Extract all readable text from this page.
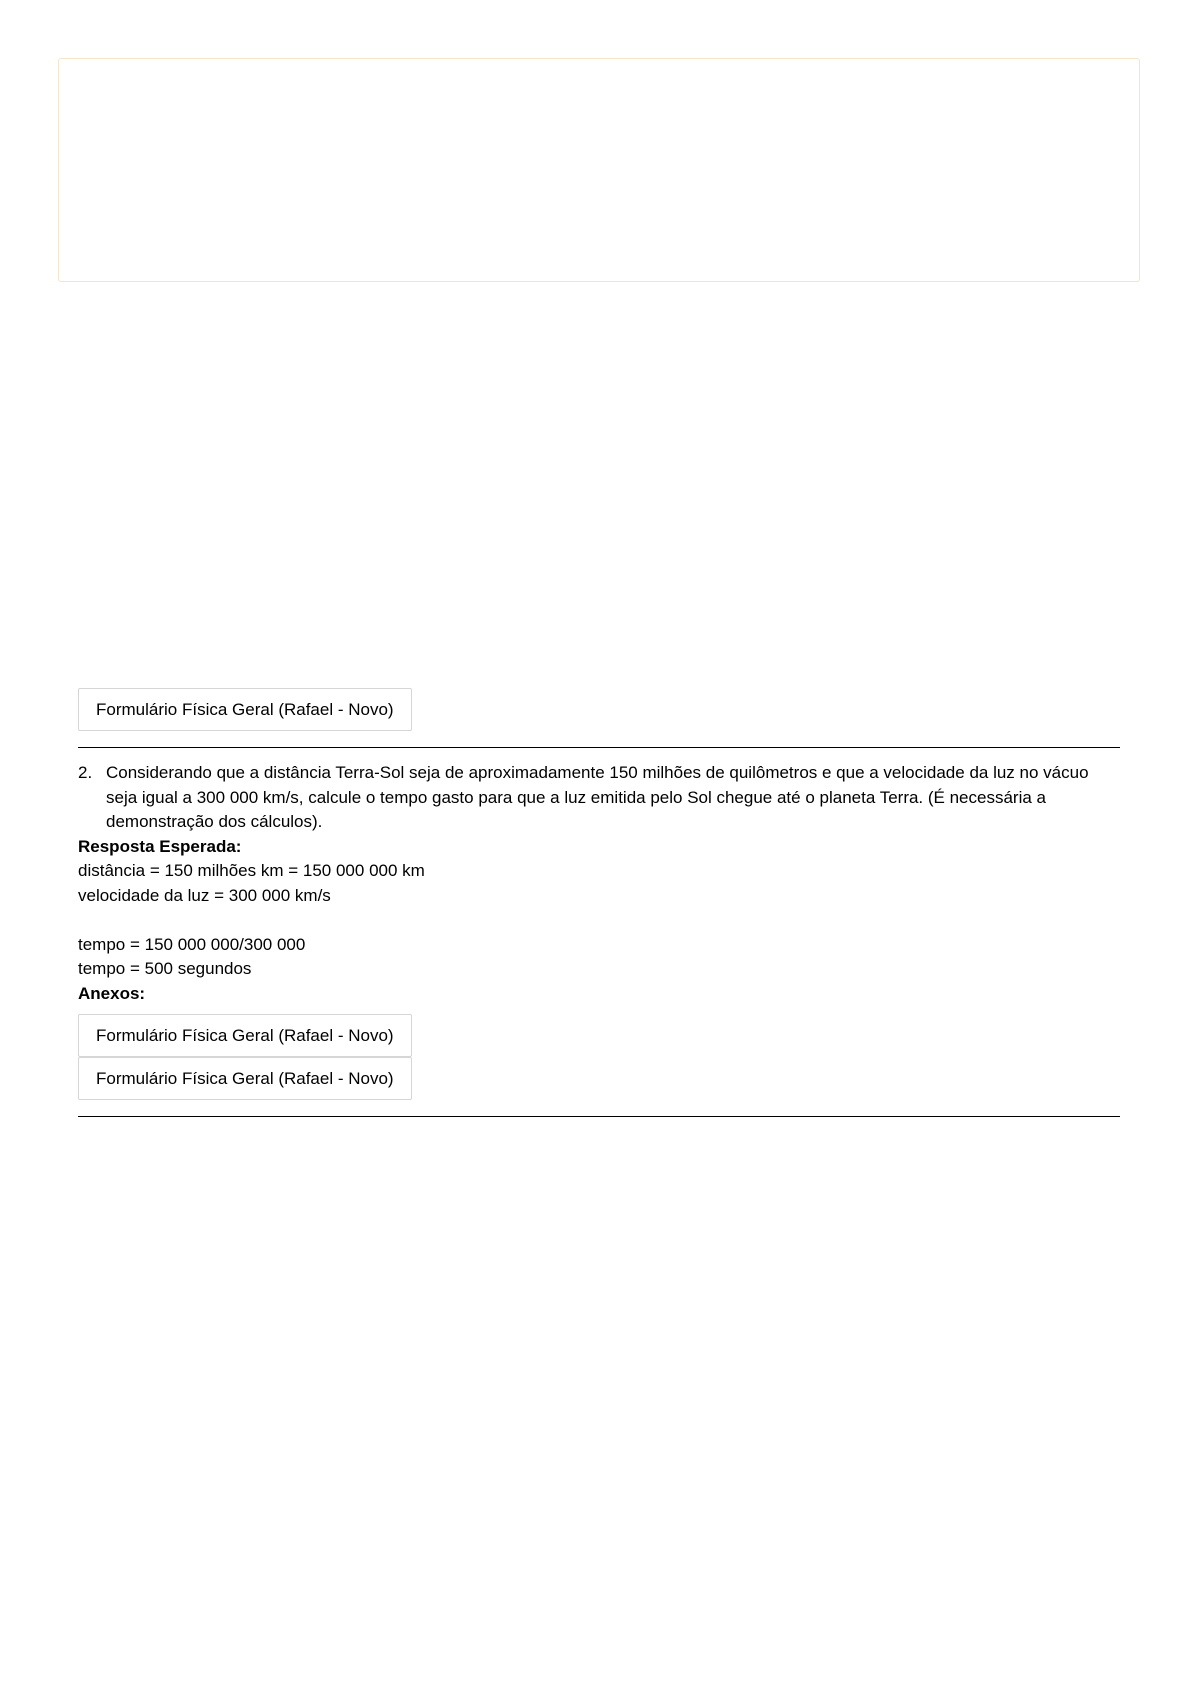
Formulário Física Geral (Rafael - Novo)
2. Considerando que a distância Terra-Sol seja de aproximadamente 150 milhões de quilômetros e que a velocidade da luz no vácuo seja igual a 300 000 km/s, calcule o tempo gasto para que a luz emitida pelo Sol chegue até o planeta Terra. (É necessária a demonstração dos cálculos).
Resposta Esperada:
distância = 150 milhões km = 150 000 000 km
velocidade da luz = 300 000 km/s
tempo = 150 000 000/300 000
tempo = 500 segundos
Anexos:
Formulário Física Geral (Rafael - Novo)
Formulário Física Geral (Rafael - Novo)
